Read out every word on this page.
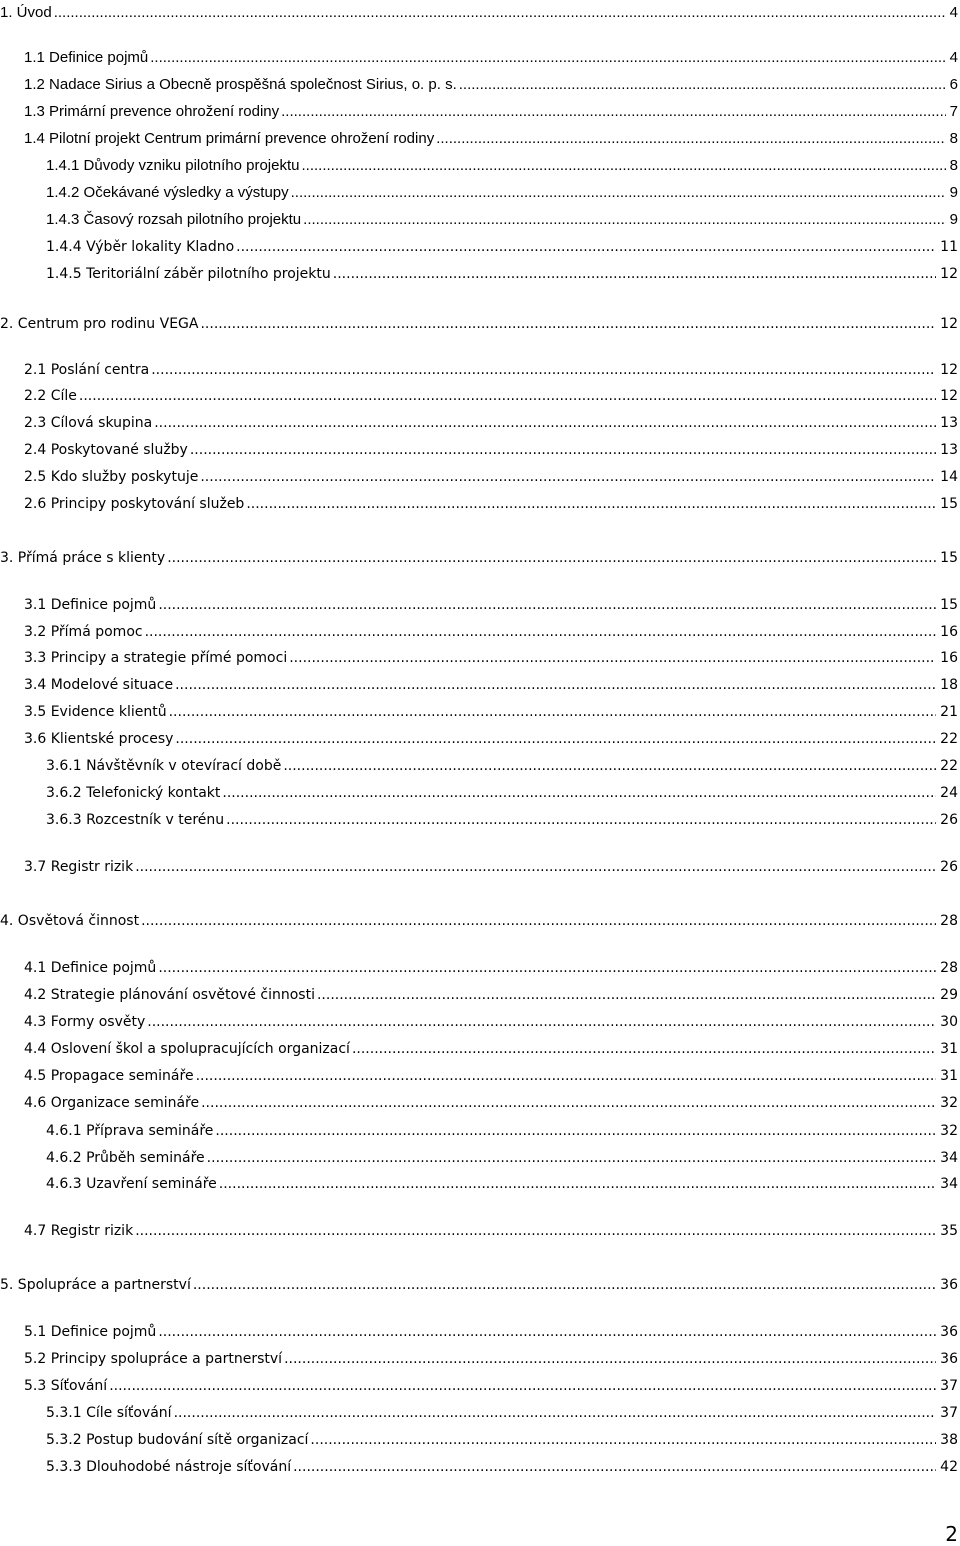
1. Úvod .....	4
1.1 Definice pojmů .....	4
1.2 Nadace Sirius a Obecně prospěšná společnost Sirius, o. p. s. .....	6
1.3 Primární prevence ohrožení rodiny .....	7
1.4 Pilotní projekt Centrum primární prevence ohrožení rodiny .....	8
1.4.1 Důvody vzniku pilotního projektu .....	8
1.4.2 Očekávané výsledky a výstupy .....	9
1.4.3 Časový rozsah pilotního projektu .....	9
1.4.4 Výběr lokality Kladno .....	11
1.4.5 Teritoriální záběr pilotního projektu .....	12
2. Centrum pro rodinu VEGA .....	12
2.1 Poslání centra .....	12
2.2 Cíle .....	12
2.3 Cílová skupina .....	13
2.4 Poskytované služby .....	13
2.5 Kdo služby poskytuje .....	14
2.6 Principy poskytování služeb .....	15
3. Přímá práce s klienty .....	15
3.1 Definice pojmů .....	15
3.2 Přímá pomoc .....	16
3.3 Principy a strategie přímé pomoci .....	16
3.4 Modelové situace .....	18
3.5 Evidence klientů .....	21
3.6 Klientské procesy .....	22
3.6.1 Návštěvník v otevírací době .....	22
3.6.2 Telefonický kontakt .....	24
3.6.3 Rozcestník v terénu .....	26
3.7 Registr rizik .....	26
4. Osvětová činnost .....	28
4.1 Definice pojmů .....	28
4.2 Strategie plánování osvětové činnosti .....	29
4.3 Formy osvěty .....	30
4.4 Oslovení škol a spolupracujících organizací .....	31
4.5 Propagace semináře .....	31
4.6 Organizace semináře .....	32
4.6.1 Příprava semináře .....	32
4.6.2 Průběh semináře .....	34
4.6.3 Uzavření semináře .....	34
4.7 Registr rizik .....	35
5. Spolupráce a partnerství .....	36
5.1 Definice pojmů .....	36
5.2 Principy spolupráce a partnerství .....	36
5.3 Síťování .....	37
5.3.1 Cíle síťování .....	37
5.3.2 Postup budování sítě organizací .....	38
5.3.3 Dlouhodobé nástroje síťování .....	42
2
